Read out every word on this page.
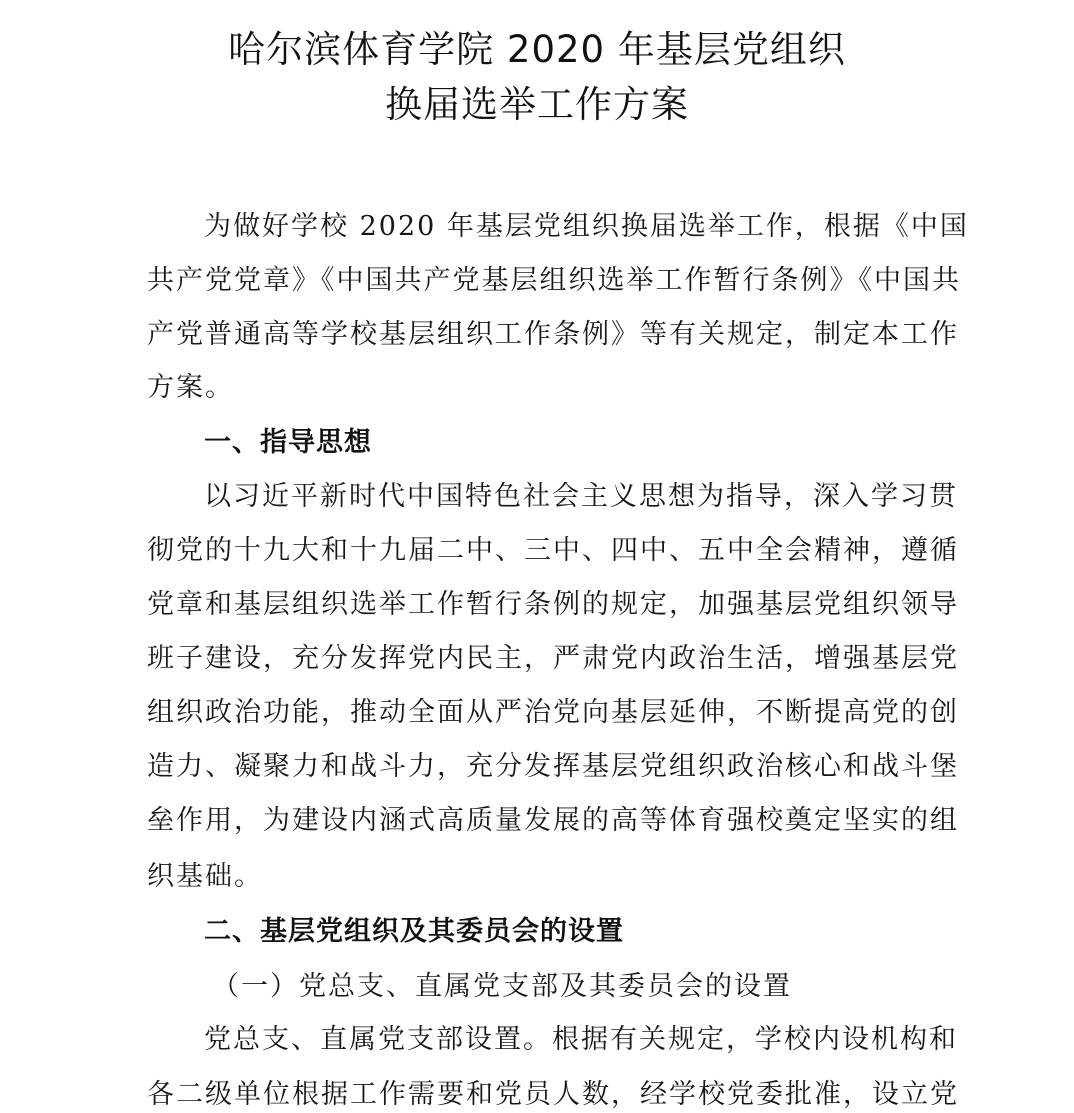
哈尔滨体育学院 2020 年基层党组织
换届选举工作方案
为做好学校 2020 年基层党组织换届选举工作，根据《中国
共产党党章》《中国共产党基层组织选举工作暂行条例》《中国共
产党普通高等学校基层组织工作条例》等有关规定，制定本工作
方案。
一、指导思想
以习近平新时代中国特色社会主义思想为指导，深入学习贯
彻党的十九大和十九届二中、三中、四中、五中全会精神，遵循
党章和基层组织选举工作暂行条例的规定，加强基层党组织领导
班子建设，充分发挥党内民主，严肃党内政治生活，增强基层党
组织政治功能，推动全面从严治党向基层延伸，不断提高党的创
造力、凝聚力和战斗力，充分发挥基层党组织政治核心和战斗堡
垒作用，为建设内涵式高质量发展的高等体育强校奠定坚实的组
织基础。
二、基层党组织及其委员会的设置
（一）党总支、直属党支部及其委员会的设置
党总支、直属党支部设置。根据有关规定，学校内设机构和
各二级单位根据工作需要和党员人数，经学校党委批准，设立党
